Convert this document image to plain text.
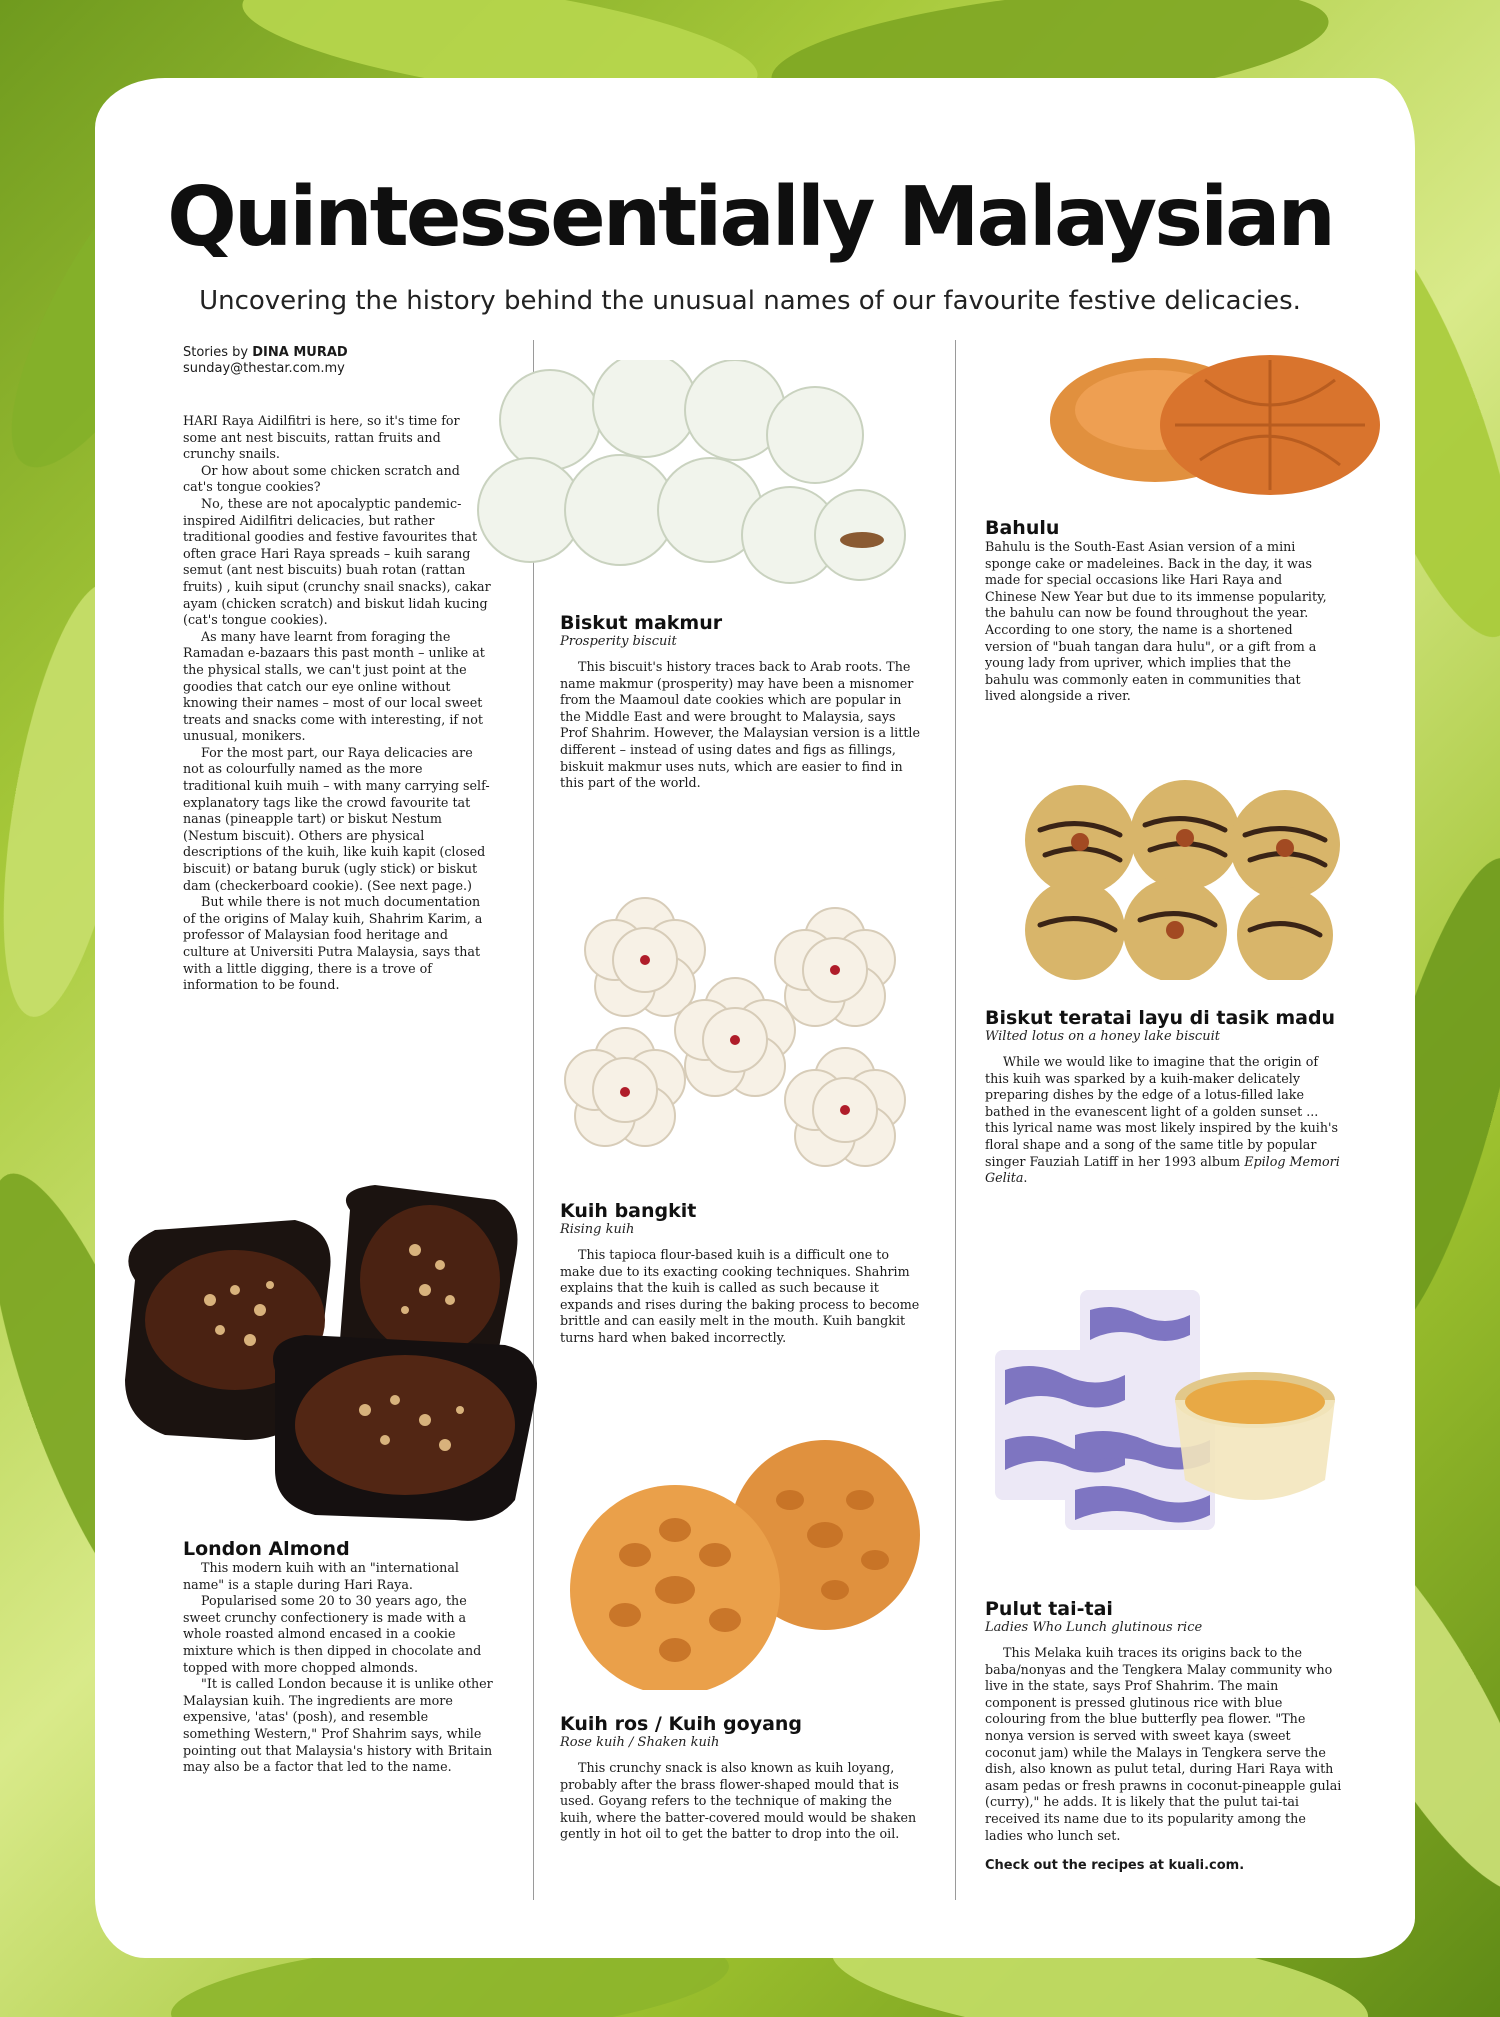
Quintessentially Malaysian
Uncovering the history behind the unusual names of our favourite festive delicacies.
Stories by DINA MURAD
sunday@thestar.com.my

HARI Raya Aidilfitri is here, so it's time for some ant nest biscuits, rattan fruits and crunchy snails.

Or how about some chicken scratch and cat's tongue cookies?

No, these are not apocalyptic pandemic-inspired Aidilfitri delicacies, but rather traditional goodies and festive favourites that often grace Hari Raya spreads – kuih sarang semut (ant nest biscuits) buah rotan (rattan fruits) , kuih siput (crunchy snail snacks), cakar ayam (chicken scratch) and biskut lidah kucing (cat's tongue cookies).

As many have learnt from foraging the Ramadan e-bazaars this past month – unlike at the physical stalls, we can't just point at the goodies that catch our eye online without knowing their names – most of our local sweet treats and snacks come with interesting, if not unusual, monikers.

For the most part, our Raya delicacies are not as colourfully named as the more traditional kuih muih – with many carrying self-explanatory tags like the crowd favourite tat nanas (pineapple tart) or biskut Nestum (Nestum biscuit). Others are physical descriptions of the kuih, like kuih kapit (closed biscuit) or batang buruk (ugly stick) or biskut dam (checkerboard cookie). (See next page.)

But while there is not much documentation of the origins of Malay kuih, Shahrim Karim, a professor of Malaysian food heritage and culture at Universiti Putra Malaysia, says that with a little digging, there is a trove of information to be found.

London Almond

This modern kuih with an "international name" is a staple during Hari Raya.

Popularised some 20 to 30 years ago, the sweet crunchy confectionery is made with a whole roasted almond encased in a cookie mixture which is then dipped in chocolate and topped with more chopped almonds.

"It is called London because it is unlike other Malaysian kuih. The ingredients are more expensive, 'atas' (posh), and resemble something Western," Prof Shahrim says, while pointing out that Malaysia's history with Britain may also be a factor that led to the name.

Biskut makmur
Prosperity biscuit

This biscuit's history traces back to Arab roots. The name makmur (prosperity) may have been a misnomer from the Maamoul date cookies which are popular in the Middle East and were brought to Malaysia, says Prof Shahrim. However, the Malaysian version is a little different – instead of using dates and figs as fillings, biskuit makmur uses nuts, which are easier to find in this part of the world.

Kuih bangkit
Rising kuih

This tapioca flour-based kuih is a difficult one to make due to its exacting cooking techniques. Shahrim explains that the kuih is called as such because it expands and rises during the baking process to become brittle and can easily melt in the mouth. Kuih bangkit turns hard when baked incorrectly.

Kuih ros / Kuih goyang
Rose kuih / Shaken kuih

This crunchy snack is also known as kuih loyang, probably after the brass flower-shaped mould that is used. Goyang refers to the technique of making the kuih, where the batter-covered mould would be shaken gently in hot oil to get the batter to drop into the oil.

Bahulu

Bahulu is the South-East Asian version of a mini sponge cake or madeleines. Back in the day, it was made for special occasions like Hari Raya and Chinese New Year but due to its immense popularity, the bahulu can now be found throughout the year. According to one story, the name is a shortened version of "buah tangan dara hulu", or a gift from a young lady from upriver, which implies that the bahulu was commonly eaten in communities that lived alongside a river.

Biskut teratai layu di tasik madu
Wilted lotus on a honey lake biscuit

While we would like to imagine that the origin of this kuih was sparked by a kuih-maker delicately preparing dishes by the edge of a lotus-filled lake bathed in the evanescent light of a golden sunset ... this lyrical name was most likely inspired by the kuih's floral shape and a song of the same title by popular singer Fauziah Latiff in her 1993 album Epilog Memori Gelita.

Pulut tai-tai
Ladies Who Lunch glutinous rice

This Melaka kuih traces its origins back to the baba/nonyas and the Tengkera Malay community who live in the state, says Prof Shahrim. The main component is pressed glutinous rice with blue colouring from the blue butterfly pea flower. "The nonya version is served with sweet kaya (sweet coconut jam) while the Malays in Tengkera serve the dish, also known as pulut tetal, during Hari Raya with asam pedas or fresh prawns in coconut-pineapple gulai (curry)," he adds. It is likely that the pulut tai-tai received its name due to its popularity among the ladies who lunch set.

Check out the recipes at kuali.com.
